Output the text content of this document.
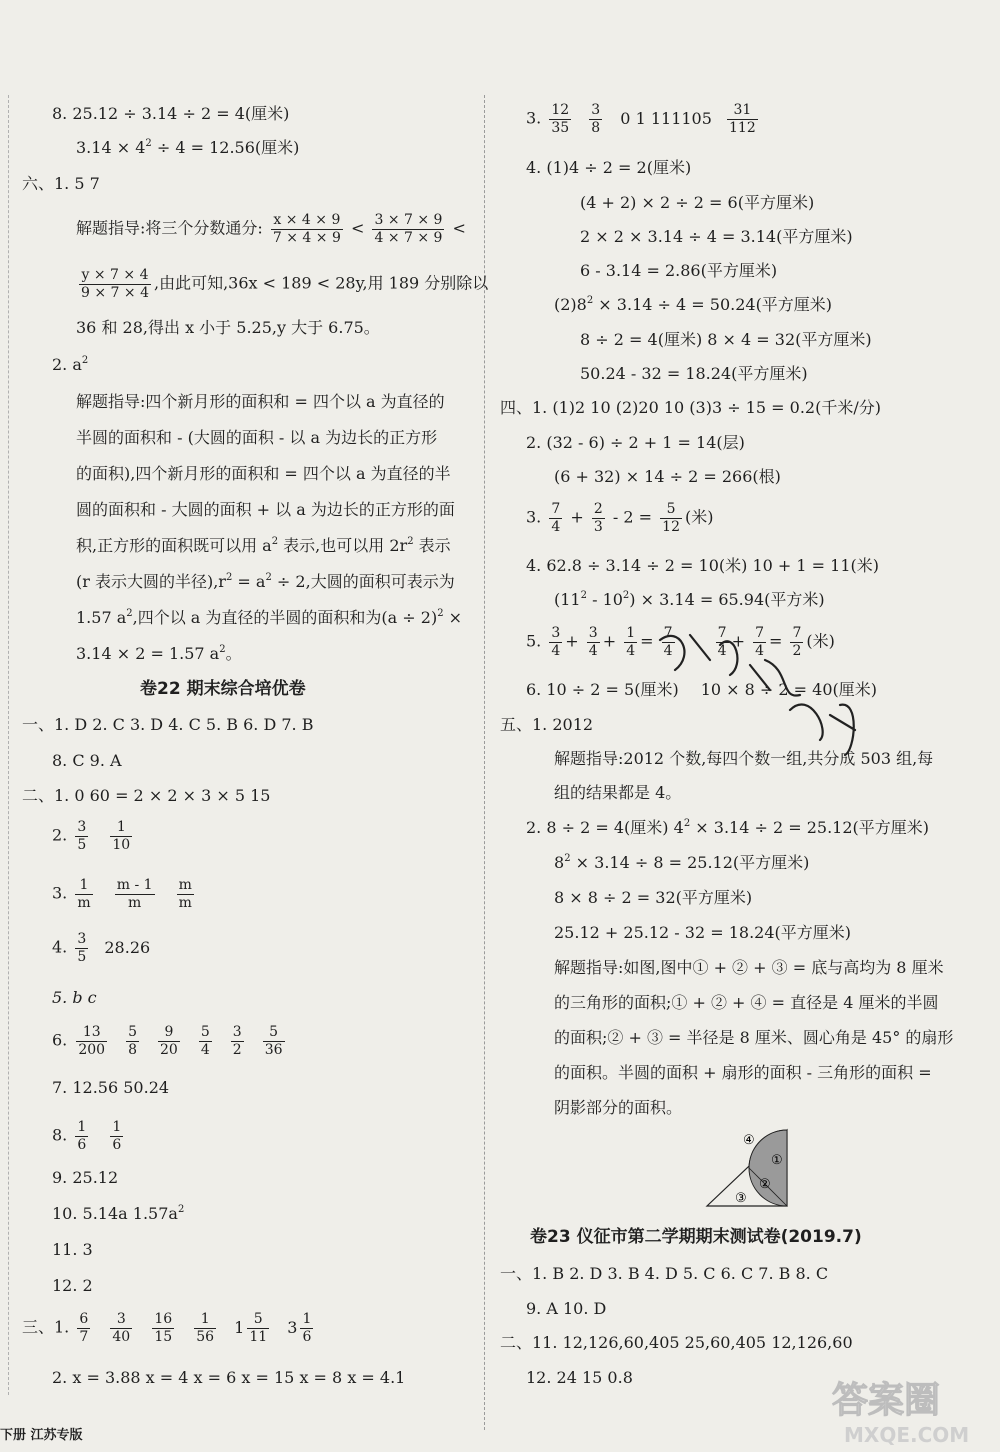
8. 25.12 ÷ 3.14 ÷ 2 = 4(厘米)
$3.14 \times 4^2 \div 4 = 12.56$(厘米)
六、1. 5 7
解题指导:将三个分数通分: $\frac{x \times 4 \times 9}{7 \times 4 \times 9} < \frac{3 \times 7 \times 9}{4 \times 7 \times 9}$ <
$\frac{y \times 7 \times 4}{9 \times 7 \times 4}$ ,由此可知,36x < 189 < 28y,用 189 分别除以
36 和 28,得出 x 小于 5.25,y 大于 6.75。
2. $a^2$
解题指导:四个新月形的面积和 = 四个以 a 为直径的
半圆的面积和 - (大圆的面积 - 以 a 为边长的正方形
的面积),四个新月形的面积和 = 四个以 a 为直径的半
圆的面积和 - 大圆的面积 + 以 a 为边长的正方形的面
积,正方形的面积既可以用 $a^2$ 表示,也可以用 $2r^2$ 表示
(r 表示大圆的半径)$,r^2 = a^2 \div 2$,大圆的面积可表示为
1.57 $a^2$,四个以 a 为直径的半圆的面积和为$(a \div 2)^2$ ×
3.14 × 2 = 1.57 $a^2$。
卷22 期末综合培优卷
一、1. D 2. C 3. D 4. C 5. B 6. D 7. B
8. C 9. A
二、1. 0 60 = 2 × 2 × 3 × 5 15
2. $\frac{3}{5}$
$\frac{1}{10}$
3. $\frac{1}{m}$
$\frac{m - 1}{m}$
$\frac{m}{m}$
4. $\frac{3}{5} 28.26$
5. b c
6. $\frac{13}{200} \frac{5}{8} \frac{9}{20} \frac{5}{4} \frac{3}{2} \frac{5}{36}$
7. 12.56 50.24
8. $\frac{1}{6}$
$\frac{1}{6}$
9. 25.12
10. 5.14a $1.57a^2$
11. 3
12. 2
三、1. $\frac{6}{7}$
$\frac{3}{40}$
$\frac{16}{15}$
$\frac{1}{56} 1 \frac{5}{11} 3 \frac{1}{6}$
2. x = 3.88 x = 4 x = 6 x = 15 x = 8 x = 4.1
3. $\frac{12}{35}$
$\frac{3}{8} 0$ 1 $111105 \frac{31}{112}$
4. (1)4 ÷ 2 = 2(厘米)
(4 + 2) × 2 ÷ 2 = 6(平方厘米)
2 × 2 × 3.14 ÷ 4 = 3.14(平方厘米)
6 - 3.14 = 2.86(平方厘米)
$(2)8^2 \times 3.14 \div 4 = 50.24$(平方厘米)
8 ÷ 2 = 4(厘米) 8 × 4 = 32(平方厘米)
50.24 - 32 = 18.24(平方厘米)
四、1. (1)2 10 (2)20 10 (3)3 ÷ 15 = 0.2(千米/分)
2. (32 - 6) ÷ 2 + 1 = 14(层)
(6 + 32) × 14 ÷ 2 = 266(根)
3. $\frac{7}{4} + \frac{2}{3} - 2 = \frac{5}{12}$ (米)
4. 62.8 ÷ 3.14 ÷ 2 = 10(米) 10 + 1 = 11(米)
$(11^2 - 10^2) \times 3.14 = 65.94$(平方米)
5. $\frac{3}{4} + \frac{3}{4} + \frac{1}{4} = \frac{7}{4}$
	$\frac{7}{4} + \frac{7}{4} = \frac{7}{2}$ (米)
6. 10 ÷ 2 = 5(厘米) 10 × 8 ÷ 2 = 40(厘米)
五、1. 2012
解题指导:2012 个数,每四个数一组,共分成 503 组,每
组的结果都是 4。
2. 8 ÷ 2 = 4(厘米) $4^2 \times 3.14 \div 2 = 25.12$(平方厘米)
$8^2 \times 3.14 \div 8 = 25.12$(平方厘米)
8 × 8 ÷ 2 = 32(平方厘米)
25.12 + 25.12 - 32 = 18.24(平方厘米)
解题指导:如图,图中① + ② + ③ = 底与高均为 8 厘米
的三角形的面积;① + ② + ④ = 直径是 4 厘米的半圆
的面积;② + ③ = 半径是 8 厘米、圆心角是 45° 的扇形
的面积。半圆的面积 + 扇形的面积 - 三角形的面积 =
阴影部分的面积。
卷23 仪征市第二学期期末测试卷(2019.7)
一、1. B 2. D 3. B 4. D 5. C 6. C 7. B 8. C
9. A 10. D
二、11. 12,126,60,405 25,60,405 12,126,60
12. 24 15 0.8
④
①
②
③
答案圈
MXQE.COM
下册 江苏专版
